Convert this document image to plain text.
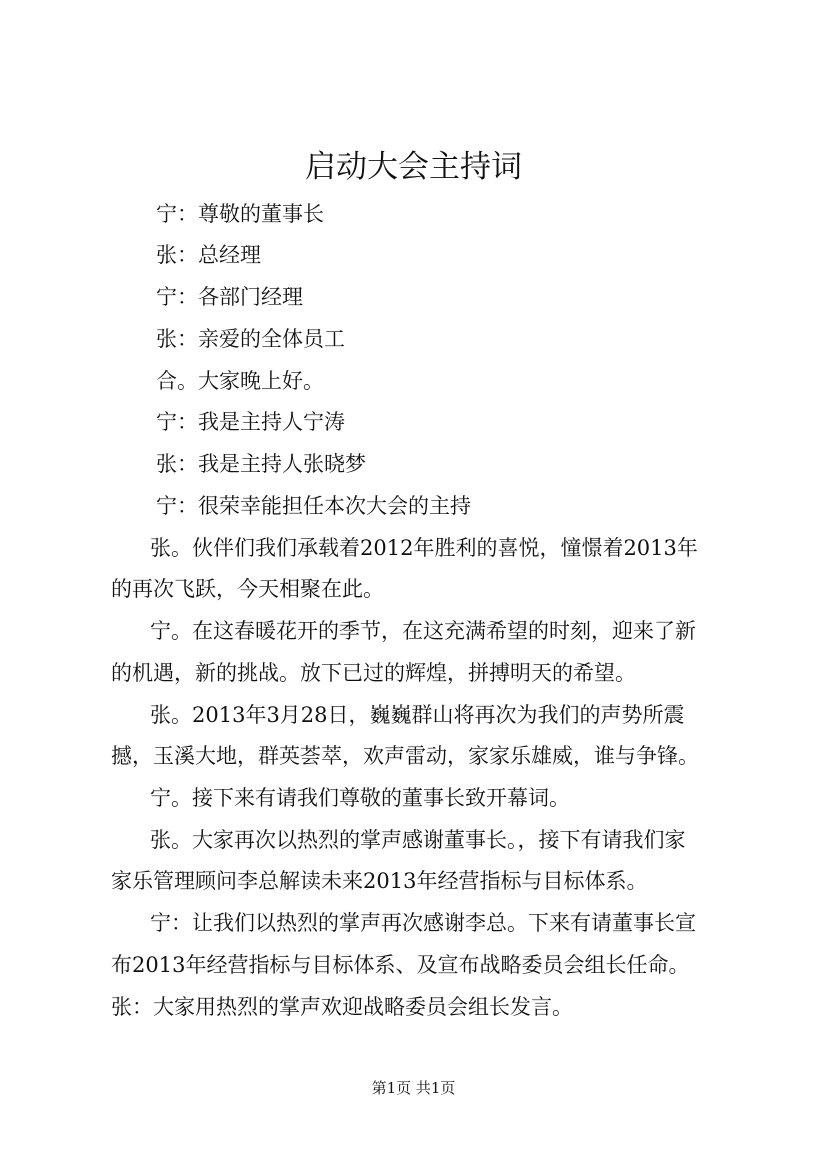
启动大会主持词

宁：尊敬的董事长

张：总经理

宁：各部门经理

张：亲爱的全体员工

合。大家晚上好。

宁：我是主持人宁涛

张：我是主持人张晓梦

宁：很荣幸能担任本次大会的主持

张。伙伴们我们承载着2012年胜利的喜悦，憧憬着2013年

的再次飞跃，今天相聚在此。

宁。在这春暖花开的季节，在这充满希望的时刻，迎来了新

的机遇，新的挑战。放下已过的辉煌，拼搏明天的希望。

张。2013年3月28日，巍巍群山将再次为我们的声势所震

撼，玉溪大地，群英荟萃，欢声雷动，家家乐雄威，谁与争锋。

宁。接下来有请我们尊敬的董事长致开幕词。

张。大家再次以热烈的掌声感谢董事长。，接下有请我们家

家乐管理顾问李总解读未来2013年经营指标与目标体系。

宁：让我们以热烈的掌声再次感谢李总。下来有请董事长宣

布2013年经营指标与目标体系、及宣布战略委员会组长任命。

张：大家用热烈的掌声欢迎战略委员会组长发言。

第1页 共1页
